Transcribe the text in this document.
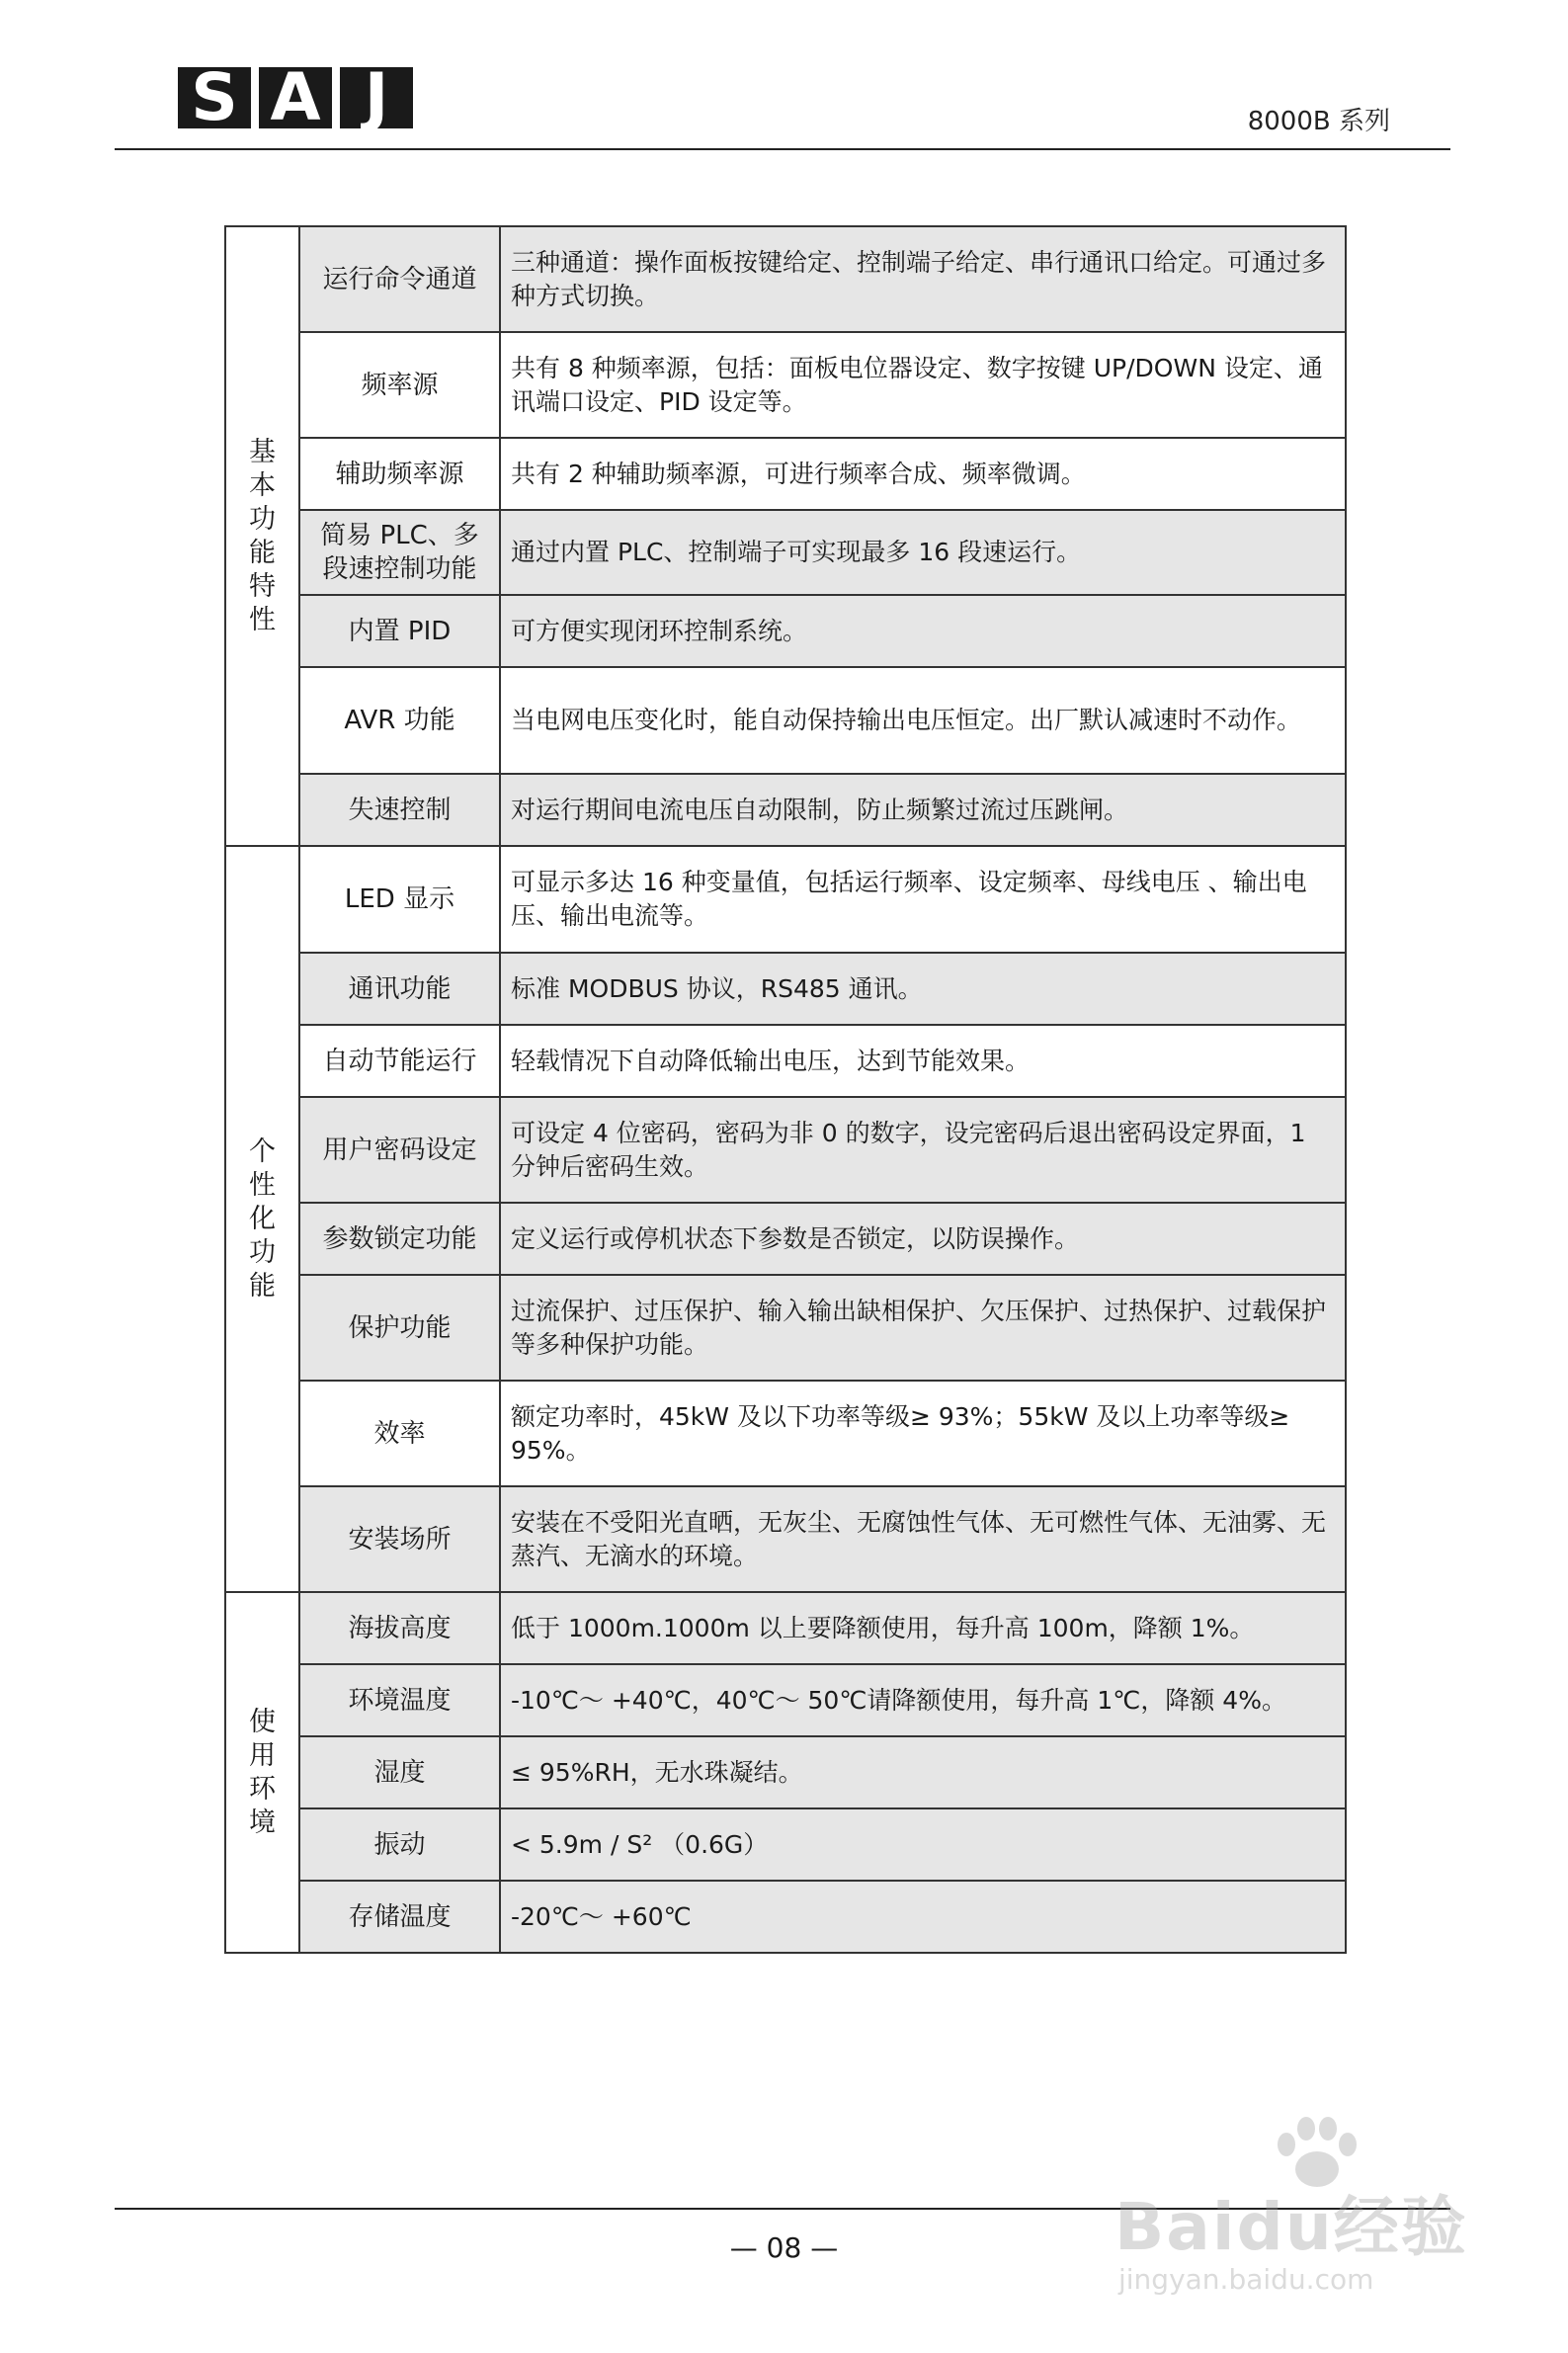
S A J	8000B 系列
基本功能特性	运行命令通道	三种通道：操作面板按键给定、控制端子给定、串行通讯口给定。可通过多种方式切换。
	频率源	共有 8 种频率源，包括：面板电位器设定、数字按键 UP/DOWN 设定、通讯端口设定、PID 设定等。
	辅助频率源	共有 2 种辅助频率源，可进行频率合成、频率微调。
	简易 PLC、多段速控制功能	通过内置 PLC、控制端子可实现最多 16 段速运行。
	内置 PID	可方便实现闭环控制系统。
	AVR 功能	当电网电压变化时，能自动保持输出电压恒定。出厂默认减速时不动作。
	失速控制	对运行期间电流电压自动限制，防止频繁过流过压跳闸。
个性化功能	LED 显示	可显示多达 16 种变量值，包括运行频率、设定频率、母线电压 、输出电压、输出电流等。
	通讯功能	标准 MODBUS 协议，RS485 通讯。
	自动节能运行	轻载情况下自动降低输出电压，达到节能效果。
	用户密码设定	可设定 4 位密码，密码为非 0 的数字，设完密码后退出密码设定界面，1 分钟后密码生效。
	参数锁定功能	定义运行或停机状态下参数是否锁定，以防误操作。
	保护功能	过流保护、过压保护、输入输出缺相保护、欠压保护、过热保护、过载保护等多种保护功能。
	效率	额定功率时，45kW 及以下功率等级≥ 93%；55kW 及以上功率等级≥ 95%。
	安装场所	安装在不受阳光直晒，无灰尘、无腐蚀性气体、无可燃性气体、无油雾、无蒸汽、无滴水的环境。
使用环境	海拔高度	低于 1000m.1000m 以上要降额使用，每升高 100m，降额 1%。
	环境温度	-10℃～ +40℃，40℃～ 50℃请降额使用，每升高 1℃，降额 4%。
	湿度	≤ 95%RH，无水珠凝结。
	振动	< 5.9m / S² （0.6G）
	存储温度	-20℃～ +60℃
— 08 —	Baidu经验
jingyan.baidu.com
